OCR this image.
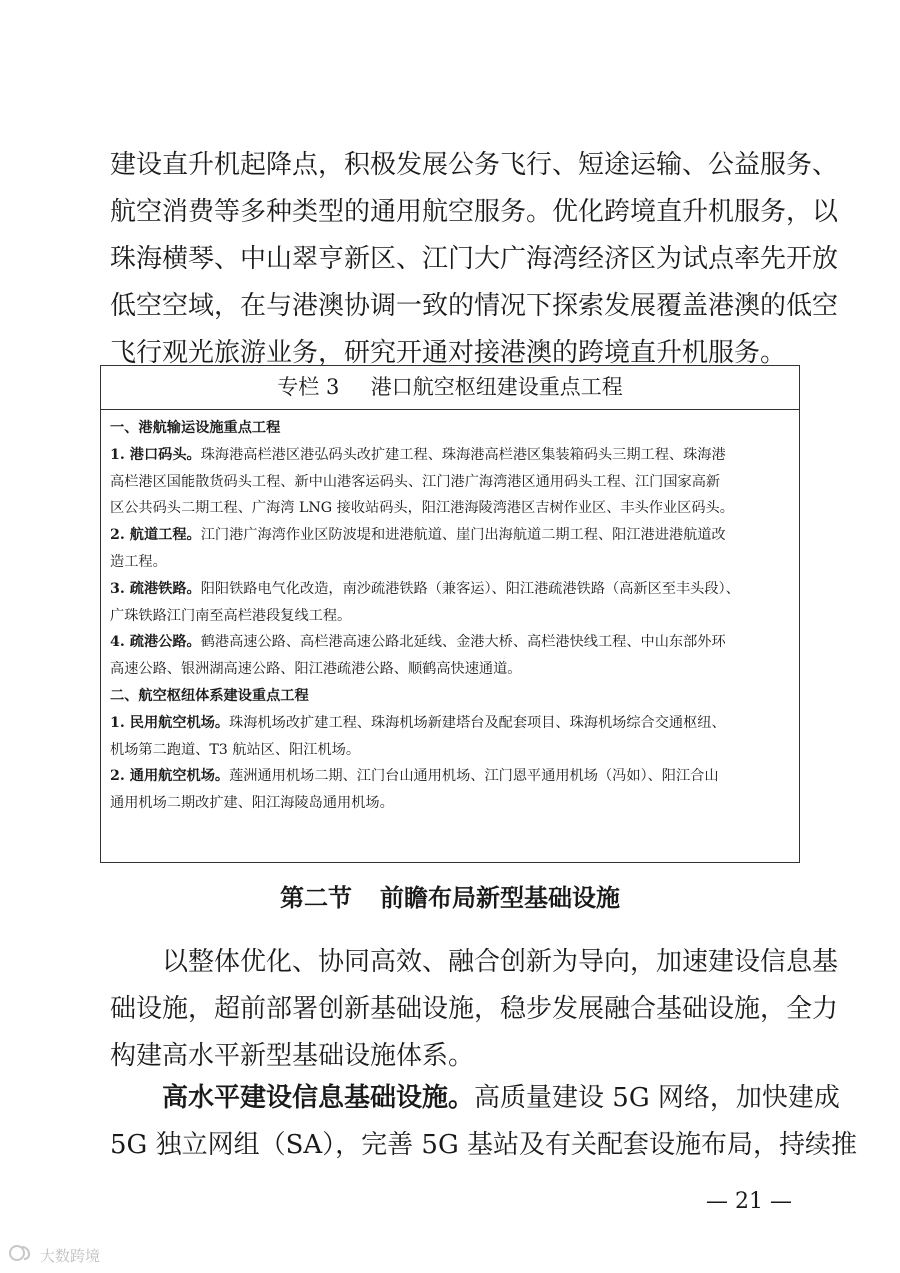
建设直升机起降点，积极发展公务飞行、短途运输、公益服务、
航空消费等多种类型的通用航空服务。优化跨境直升机服务，以
珠海横琴、中山翠亨新区、江门大广海湾经济区为试点率先开放
低空空域，在与港澳协调一致的情况下探索发展覆盖港澳的低空
飞行观光旅游业务，研究开通对接港澳的跨境直升机服务。
专栏 3 港口航空枢纽建设重点工程
一、港航输运设施重点工程
1. 港口码头。珠海港高栏港区港弘码头改扩建工程、珠海港高栏港区集装箱码头三期工程、珠海港
高栏港区国能散货码头工程、新中山港客运码头、江门港广海湾港区通用码头工程、江门国家高新
区公共码头二期工程、广海湾 LNG 接收站码头，阳江港海陵湾港区吉树作业区、丰头作业区码头。
2. 航道工程。江门港广海湾作业区防波堤和进港航道、崖门出海航道二期工程、阳江港进港航道改
造工程。
3. 疏港铁路。阳阳铁路电气化改造，南沙疏港铁路（兼客运）、阳江港疏港铁路（高新区至丰头段）、
广珠铁路江门南至高栏港段复线工程。
4. 疏港公路。鹤港高速公路、高栏港高速公路北延线、金港大桥、高栏港快线工程、中山东部外环
高速公路、银洲湖高速公路、阳江港疏港公路、顺鹤高快速通道。
二、航空枢纽体系建设重点工程
1. 民用航空机场。珠海机场改扩建工程、珠海机场新建塔台及配套项目、珠海机场综合交通枢纽、
机场第二跑道、T3 航站区、阳江机场。
2. 通用航空机场。莲洲通用机场二期、江门台山通用机场、江门恩平通用机场（冯如）、阳江合山
通用机场二期改扩建、阳江海陵岛通用机场。
第二节 前瞻布局新型基础设施
以整体优化、协同高效、融合创新为导向，加速建设信息基
础设施，超前部署创新基础设施，稳步发展融合基础设施，全力
构建高水平新型基础设施体系。
高水平建设信息基础设施。高质量建设 5G 网络，加快建成
5G 独立网组（SA），完善 5G 基站及有关配套设施布局，持续推
— 21 —
大数跨境
